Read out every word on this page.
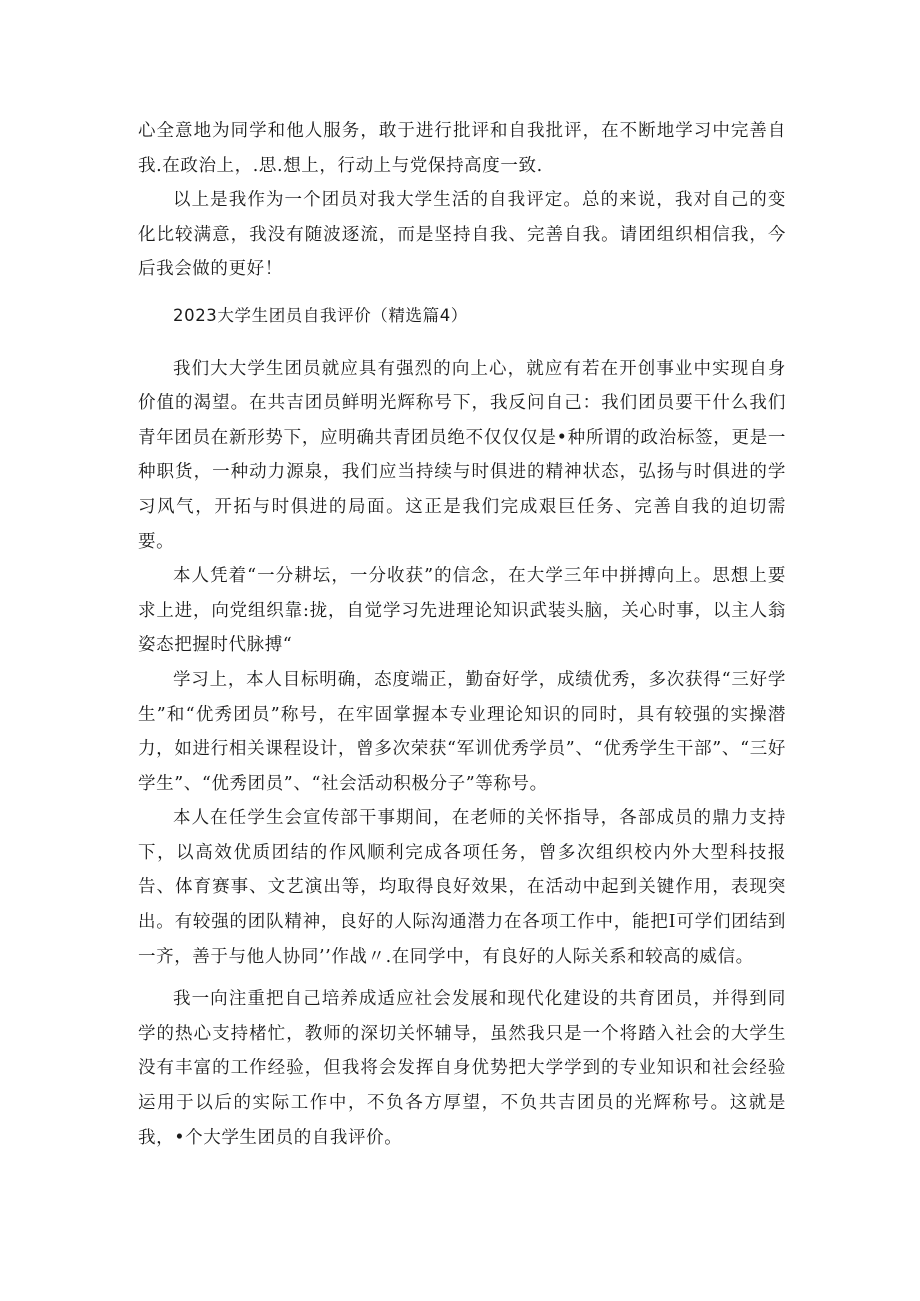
心全意地为同学和他人服务，敢于进行批评和自我批评，在不断地学习中完善自我.在政治上，.思.想上，行动上与党保持高度一致.

以上是我作为一个团员对我大学生活的自我评定。总的来说，我对自己的变化比较满意，我没有随波逐流，而是坚持自我、完善自我。请团组织相信我，今后我会做的更好！

2023大学生团员自我评价（精选篇4）

我们大大学生团员就应具有强烈的向上心，就应有若在开创事业中实现自身价值的渴望。在共吉团员鲜明光辉称号下，我反问自己：我们团员要干什么我们青年团员在新形势下，应明确共青团员绝不仅仅仅是•种所谓的政治标签，更是一种职货，一种动力源泉，我们应当持续与时俱进的精神状态，弘扬与时俱进的学习风气，开拓与时俱进的局面。这正是我们完成艰巨任务、完善自我的迫切需要。

本人凭着“一分耕坛，一分收获”的信念，在大学三年中拼搏向上。思想上要求上进，向党组织靠:拢，自觉学习先进理论知识武装头脑，关心时事，以主人翁姿态把握时代脉搏“

学习上，本人目标明确，态度端正，勤奋好学，成绩优秀，多次获得“三好学生”和“优秀团员”称号，在牢固掌握本专业理论知识的同时，具有较强的实操潜力，如进行相关课程设计，曾多次荣获“军训优秀学员”、“优秀学生干部”、“三好学生”、“优秀团员”、“社会活动积极分子”等称号。

本人在任学生会宣传部干事期间，在老师的关怀指导，各部成员的鼎力支持下，以高效优质团结的作风顺利完成各项任务，曾多次组织校内外大型科技报告、体育赛事、文艺演出等，均取得良好效果，在活动中起到关键作用，表现突出。有较强的团队精神，良好的人际沟通潜力在各项工作中，能把Ⅰ可学们团结到一齐，善于与他人协同’’作战〃.在同学中，有良好的人际关系和较高的威信。

我一向注重把自己培养成适应社会发展和现代化建设的共育团员，并得到同学的热心支持楮忙，教师的深切关怀辅导，虽然我只是一个将踏入社会的大学生没有丰富的工作经验，但我将会发挥自身优势把大学学到的专业知识和社会经验运用于以后的实际工作中，不负各方厚望，不负共吉团员的光辉称号。这就是我，•个大学生团员的自我评价。
